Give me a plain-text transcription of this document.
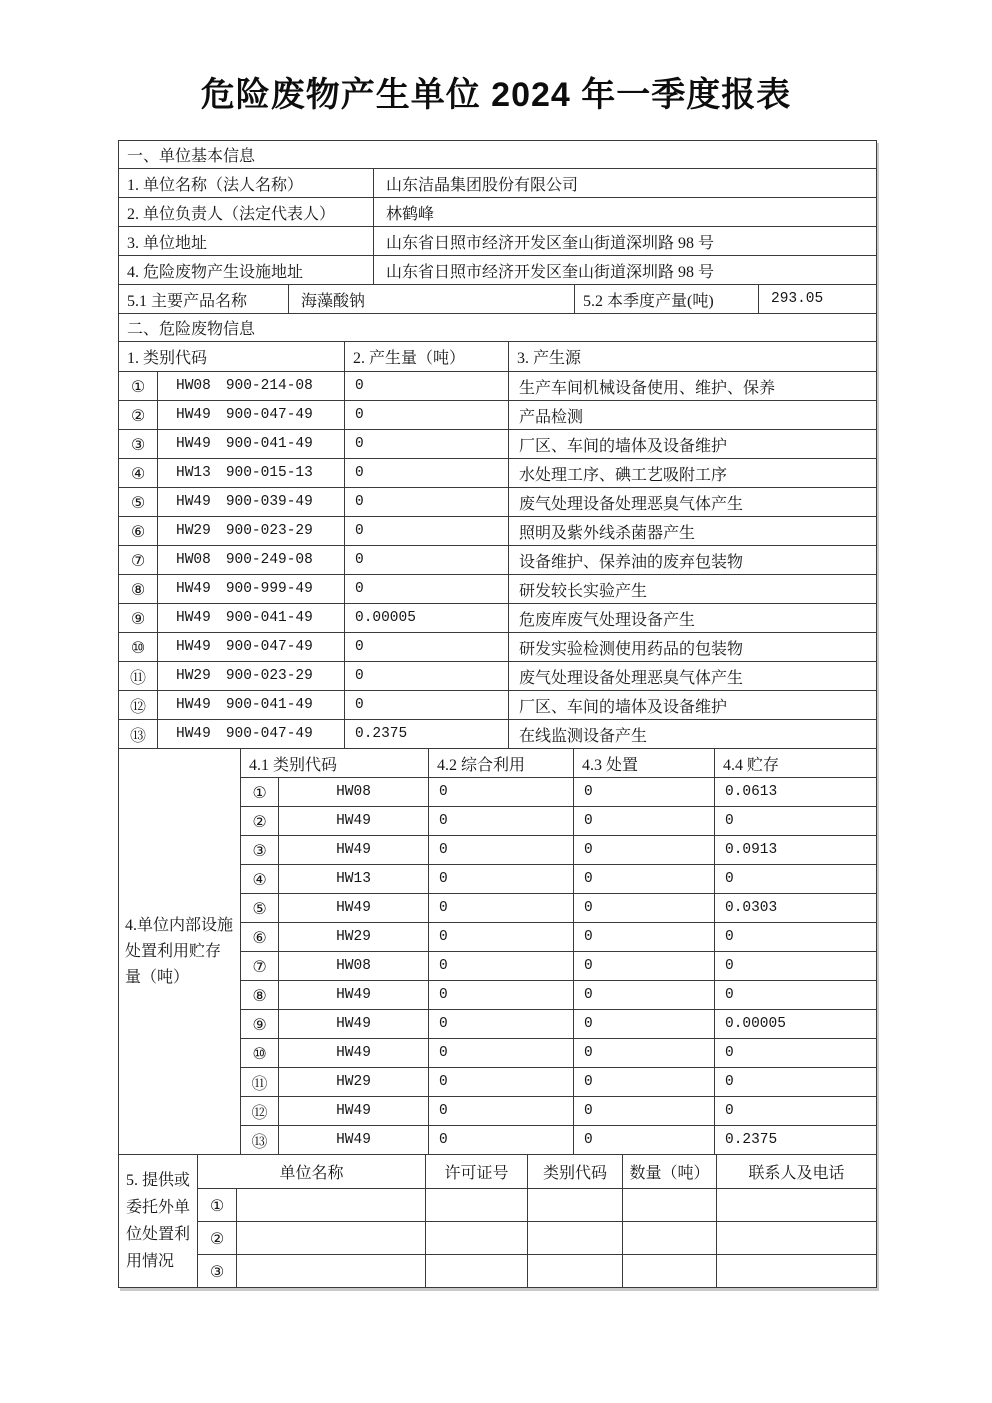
危险废物产生单位 2024 年一季度报表
一、单位基本信息
1. 单位名称（法人名称）	山东洁晶集团股份有限公司
2. 单位负责人（法定代表人）	林鹤峰
3. 单位地址	山东省日照市经济开发区奎山街道深圳路 98 号
4. 危险废物产生设施地址	山东省日照市经济开发区奎山街道深圳路 98 号
5.1 主要产品名称	海藻酸钠	5.2 本季度产量(吨)	293.05
二、危险废物信息
1. 类别代码	2. 产生量（吨）	3. 产生源
①	HW08 900-214-08	0	生产车间机械设备使用、维护、保养
②	HW49 900-047-49	0	产品检测
③	HW49 900-041-49	0	厂区、车间的墙体及设备维护
④	HW13 900-015-13	0	水处理工序、碘工艺吸附工序
⑤	HW49 900-039-49	0	废气处理设备处理恶臭气体产生
⑥	HW29 900-023-29	0	照明及紫外线杀菌器产生
⑦	HW08 900-249-08	0	设备维护、保养油的废弃包装物
⑧	HW49 900-999-49	0	研发较长实验产生
⑨	HW49 900-041-49	0.00005	危废库废气处理设备产生
⑩	HW49 900-047-49	0	研发实验检测使用药品的包装物
⑪	HW29 900-023-29	0	废气处理设备处理恶臭气体产生
⑫	HW49 900-041-49	0	厂区、车间的墙体及设备维护
⑬	HW49 900-047-49	0.2375	在线监测设备产生
4.单位内部设施处置利用贮存量（吨）
4.1 类别代码	4.2 综合利用	4.3 处置	4.4 贮存
①	HW08	0	0	0.0613
②	HW49	0	0	0
③	HW49	0	0	0.0913
④	HW13	0	0	0
⑤	HW49	0	0	0.0303
⑥	HW29	0	0	0
⑦	HW08	0	0	0
⑧	HW49	0	0	0
⑨	HW49	0	0	0.00005
⑩	HW49	0	0	0
⑪	HW29	0	0	0
⑫	HW49	0	0	0
⑬	HW49	0	0	0.2375
5. 提供或委托外单位处置利用情况
单位名称	许可证号	类别代码	数量（吨）	联系人及电话
①
②
③
